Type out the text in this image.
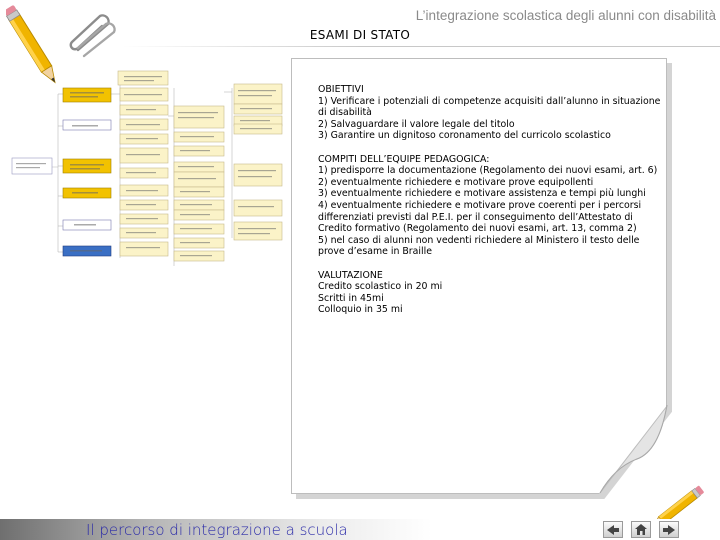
L’integrazione scolastica degli alunni con disabilità
ESAMI DI STATO
OBIETTIVI
1) Verificare i potenziali di competenze acquisiti dall’alunno in situazione
di disabilità
2) Salvaguardare il valore legale del titolo
3) Garantire un dignitoso coronamento del curricolo scolastico
COMPITI DELL’EQUIPE PEDAGOGICA:
1) predisporre la documentazione (Regolamento dei nuovi esami, art. 6)
2) eventualmente richiedere e motivare prove equipollenti
3) eventualmente richiedere e motivare assistenza e tempi più lunghi
4) eventualmente richiedere e motivare prove coerenti per i percorsi
differenziati previsti dal P.E.I. per il conseguimento dell’Attestato di
Credito formativo (Regolamento dei nuovi esami, art. 13, comma 2)
5) nel caso di alunni non vedenti richiedere al Ministero il testo delle
prove d’esame in Braille
VALUTAZIONE
Credito scolastico in 20 mi
Scritti in 45mi
Colloquio in 35 mi
Il percorso di integrazione a scuola
